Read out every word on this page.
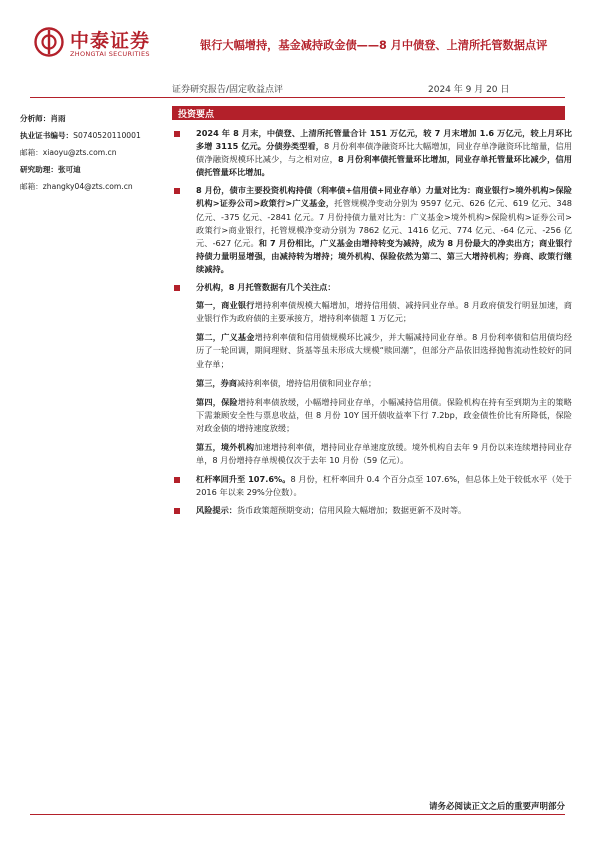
中泰证券
ZHONGTAI SECURITIES
银行大幅增持，基金减持政金债——8 月中债登、上清所托管数据点评
证券研究报告/固定收益点评	2024 年 9 月 20 日
分析师：肖雨
执业证书编号：S0740520110001
邮箱：xiaoyu@zts.com.cn
研究助理：张可迪
邮箱：zhangky04@zts.com.cn
投资要点
2024 年 8 月末，中债登、上清所托管量合计 151 万亿元，较 7 月末增加 1.6 万亿元，较上月环比多增 3115 亿元。分债券类型看，8 月份利率债净融资环比大幅增加，同业存单净融资环比缩量，信用债净融资规模环比减少，与之相对应，8 月份利率债托管量环比增加，同业存单托管量环比减少，信用债托管量环比增加。
8 月份，债市主要投资机构持债（利率债+信用债+同业存单）力量对比为：商业银行>境外机构>保险机构>证券公司>政策行>广义基金，托管规模净变动分别为 9597 亿元、626 亿元、619 亿元、348 亿元、-375 亿元、-2841 亿元。7 月份持债力量对比为：广义基金>境外机构>保险机构>证券公司>政策行>商业银行，托管规模净变动分别为 7862 亿元、1416 亿元、774 亿元、-64 亿元、-256 亿元、-627 亿元。和 7 月份相比，广义基金由增持转变为减持，成为 8 月份最大的净卖出方；商业银行持债力量明显增强，由减持转为增持；境外机构、保险依然为第二、第三大增持机构；券商、政策行继续减持。
分机构，8 月托管数据有几个关注点：
第一，商业银行增持利率债规模大幅增加，增持信用债、减持同业存单。8 月政府债发行明显加速，商业银行作为政府债的主要承接方，增持利率债超 1 万亿元；
第二，广义基金增持利率债和信用债规模环比减少，并大幅减持同业存单。8 月份利率债和信用债均经历了一轮回调，期间理财、货基等虽未形成大规模“赎回潮”，但部分产品依旧选择抛售流动性较好的同业存单；
第三，券商减持利率债，增持信用债和同业存单；
第四，保险增持利率债放缓，小幅增持同业存单，小幅减持信用债。保险机构在持有至到期为主的策略下需兼顾安全性与票息收益，但 8 月份 10Y 国开债收益率下行 7.2bp，政金债性价比有所降低，保险对政金债的增持速度放缓；
第五，境外机构加速增持利率债，增持同业存单速度放缓。境外机构自去年 9 月份以来连续增持同业存单，8 月份增持存单规模仅次于去年 10 月份（59 亿元）。
杠杆率回升至 107.6%。8 月份，杠杆率回升 0.4 个百分点至 107.6%，但总体上处于较低水平（处于 2016 年以来 29%分位数）。
风险提示：货币政策超预期变动；信用风险大幅增加；数据更新不及时等。
请务必阅读正文之后的重要声明部分
